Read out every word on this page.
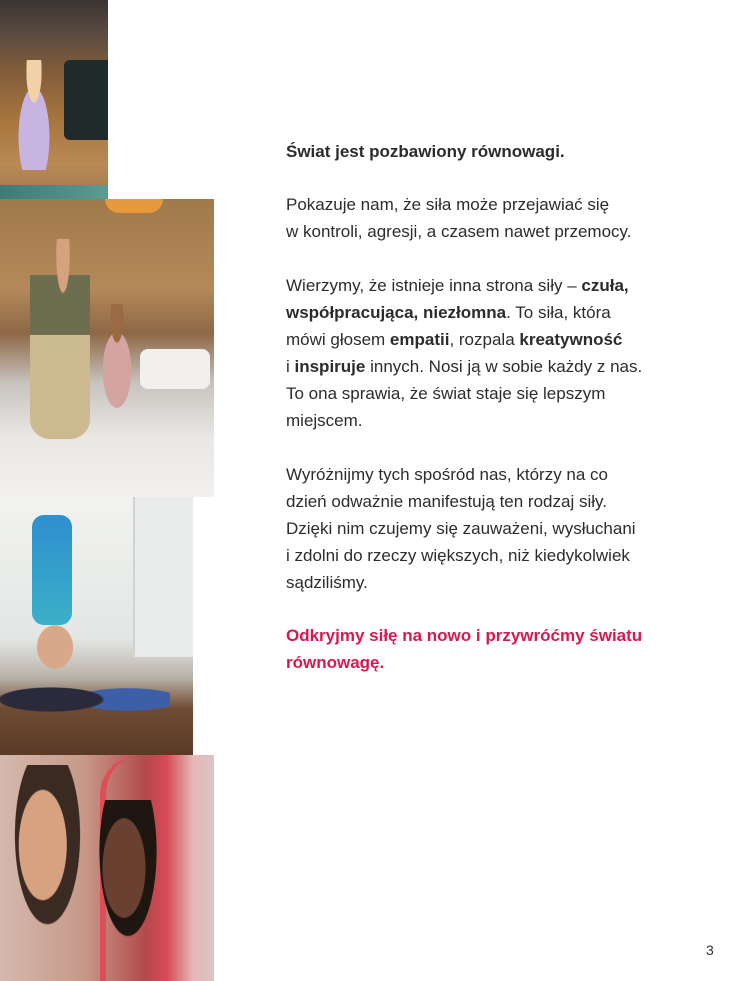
Świat jest pozbawiony równowagi.

Pokazuje nam, że siła może przejawiać się

w kontroli, agresji, a czasem nawet przemocy.

Wierzymy, że istnieje inna strona siły – czuła,

współpracująca, niezłomna. To siła, która

mówi głosem empatii, rozpala kreatywność

i inspiruje innych. Nosi ją w sobie każdy z nas.

To ona sprawia, że świat staje się lepszym

miejscem.

Wyróżnijmy tych spośród nas, którzy na co

dzień odważnie manifestują ten rodzaj siły.

Dzięki nim czujemy się zauważeni, wysłuchani

i zdolni do rzeczy większych, niż kiedykolwiek

sądziliśmy.

Odkryjmy siłę na nowo i przywróćmy światu

równowagę.

3
